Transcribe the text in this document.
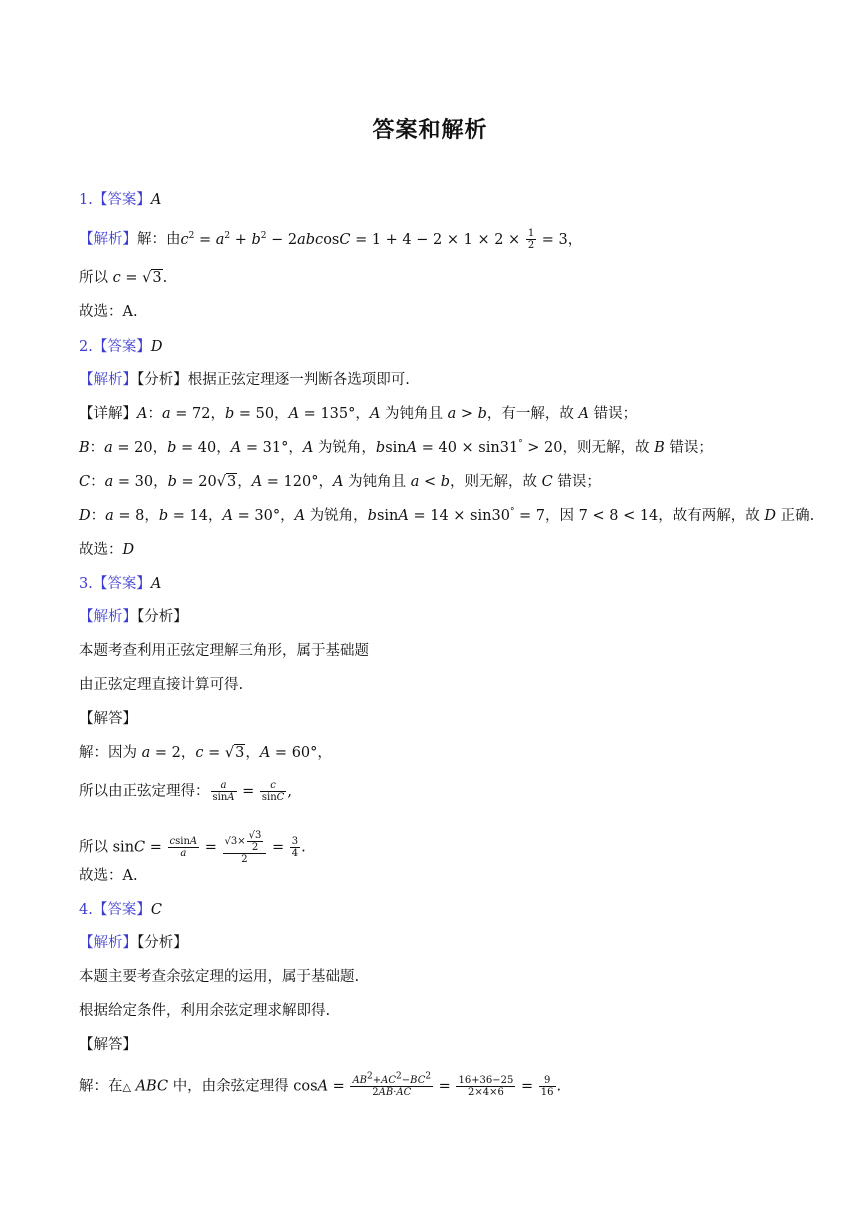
答案和解析
1.【答案】A
【解析】解：由$c^2 = a^2 + b^2 - 2abcosC = 1 + 4 - 2 \times 1 \times 2 \times \frac{1}{2} = 3$，
所以 c = √3.
故选：A.
2.【答案】D
【解析】【分析】根据正弦定理逐一判断各选项即可.
【详解】A：a = 72，b = 50，A = 135°，A 为钝角且 a > b，有一解，故 A 错误；
B：a = 20，b = 40，A = 31°，A 为锐角，bsinA = 40 × sin31° > 20，则无解，故 B 错误；
C：a = 30，b = 20√3，A = 120°，A 为钝角且 a < b，则无解，故 C 错误；
D：a = 8，b = 14，A = 30°，A 为锐角，bsinA = 14 × sin30° = 7，因 7 < 8 < 14，故有两解，故 D 正确.
故选：D
3.【答案】A
【解析】【分析】
本题考查利用正弦定理解三角形，属于基础题
由正弦定理直接计算可得.
【解答】
解：因为 a = 2，c = √3，A = 60°，
所以由正弦定理得： $\frac{a}{\sin A} = \frac{c}{\sin C}$ ,
所以 $\sin C = \frac{csinA}{a} = \frac{√3\times \frac{√3}{2}}{2} = \frac{3}{4}$ .
故选：A.
4.【答案】C
【解析】【分析】
本题主要考查余弦定理的运用，属于基础题.
根据给定条件，利用余弦定理求解即得.
【解答】
解：在△ ABC 中，由余弦定理得 $\cos A = \frac{AB^2+AC^2-BC^2}{2AB\cdot AC} = \frac{16+36-25}{2\times 4\times 6} = \frac{9}{16}$ .
